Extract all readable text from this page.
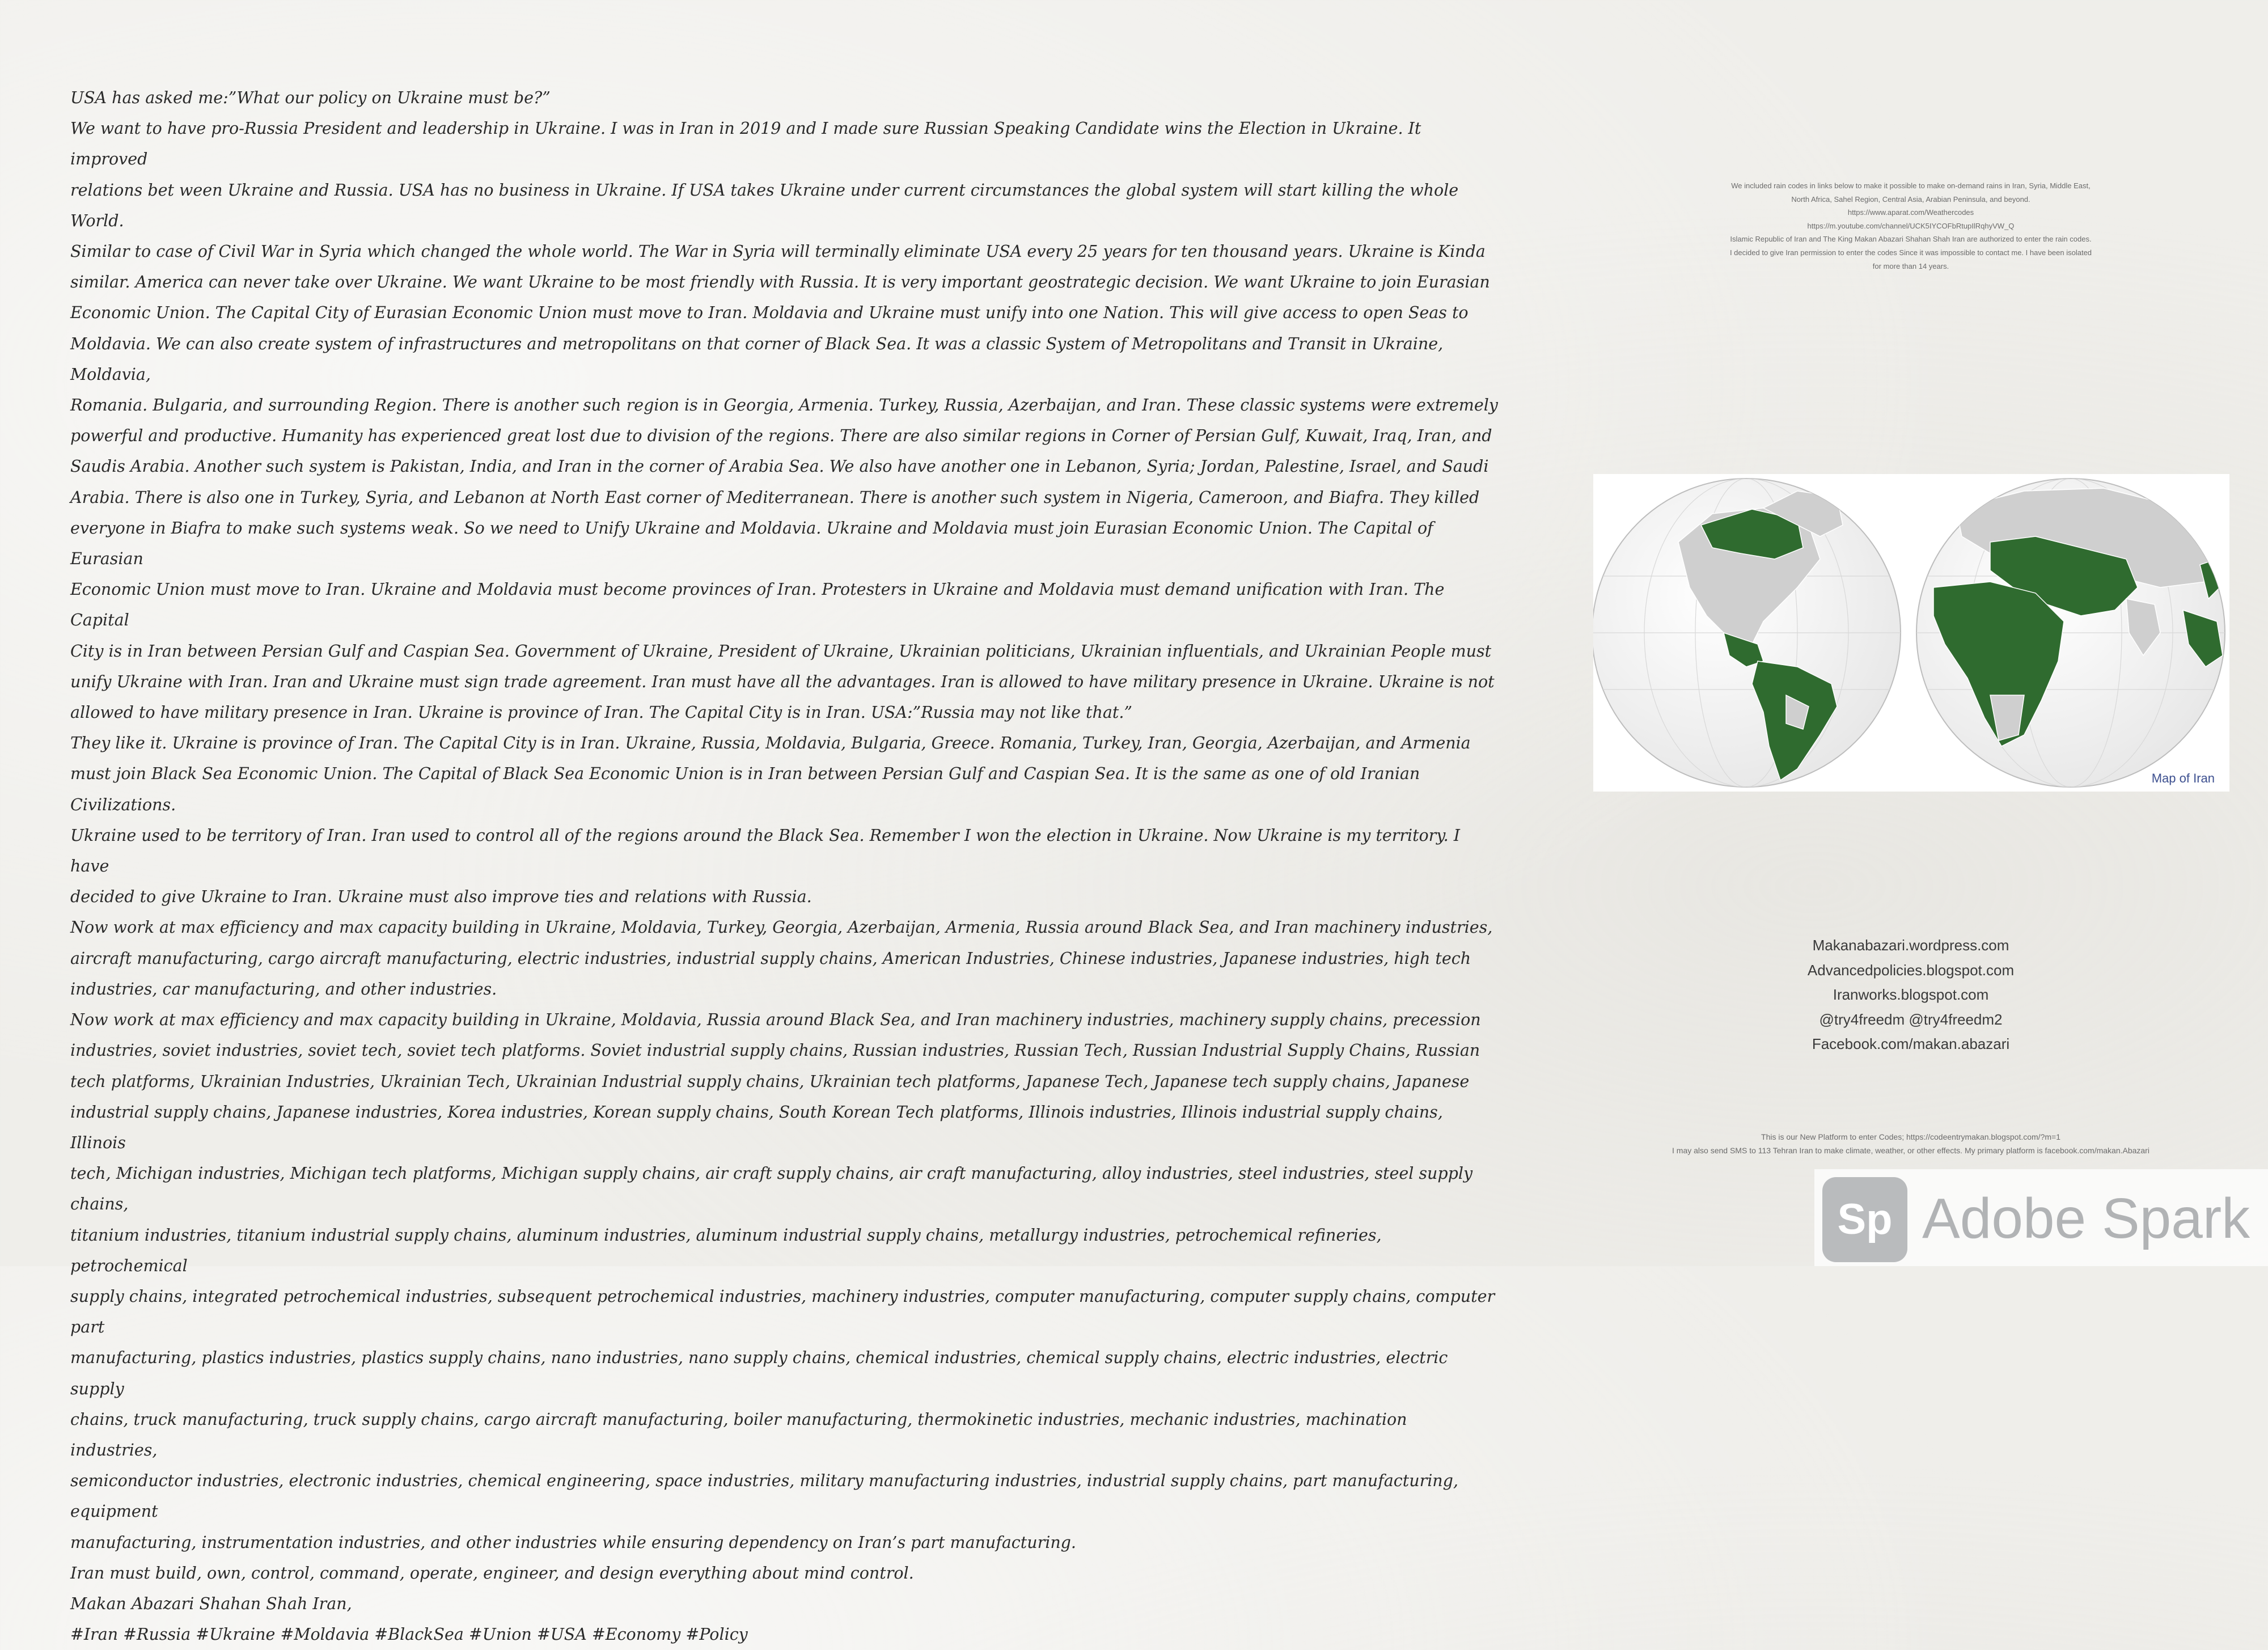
USA has asked me:”What our policy on Ukraine must be?”

We want to have pro-Russia President and leadership in Ukraine. I was in Iran in 2019 and I made sure Russian Speaking Candidate wins the Election in Ukraine. It improved
relations bet ween Ukraine and Russia. USA has no business in Ukraine. If USA takes Ukraine under current circumstances the global system will start killing the whole World.
Similar to case of Civil War in Syria which changed the whole world. The War in Syria will terminally eliminate USA every 25 years for ten thousand years. Ukraine is Kinda
similar. America can never take over Ukraine. We want Ukraine to be most friendly with Russia. It is very important geostrategic decision. We want Ukraine to join Eurasian
Economic Union. The Capital City of Eurasian Economic Union must move to Iran. Moldavia and Ukraine must unify into one Nation. This will give access to open Seas to
Moldavia. We can also create system of infrastructures and metropolitans on that corner of Black Sea. It was a classic System of Metropolitans and Transit in Ukraine, Moldavia,
Romania. Bulgaria, and surrounding Region. There is another such region is in Georgia, Armenia. Turkey, Russia, Azerbaijan, and Iran. These classic systems were extremely
powerful and productive. Humanity has experienced great lost due to division of the regions. There are also similar regions in Corner of Persian Gulf, Kuwait, Iraq, Iran, and
Saudis Arabia. Another such system is Pakistan, India, and Iran in the corner of Arabia Sea. We also have another one in Lebanon, Syria; Jordan, Palestine, Israel, and Saudi
Arabia. There is also one in Turkey, Syria, and Lebanon at North East corner of Mediterranean. There is another such system in Nigeria, Cameroon, and Biafra. They killed
everyone in Biafra to make such systems weak. So we need to Unify Ukraine and Moldavia. Ukraine and Moldavia must join Eurasian Economic Union. The Capital of Eurasian
Economic Union must move to Iran. Ukraine and Moldavia must become provinces of Iran. Protesters in Ukraine and Moldavia must demand unification with Iran. The Capital
City is in Iran between Persian Gulf and Caspian Sea. Government of Ukraine, President of Ukraine, Ukrainian politicians, Ukrainian influentials, and Ukrainian People must
unify Ukraine with Iran. Iran and Ukraine must sign trade agreement. Iran must have all the advantages. Iran is allowed to have military presence in Ukraine. Ukraine is not
allowed to have military presence in Iran. Ukraine is province of Iran. The Capital City is in Iran. USA:”Russia may not like that.”

They like it. Ukraine is province of Iran. The Capital City is in Iran. Ukraine, Russia, Moldavia, Bulgaria, Greece. Romania, Turkey, Iran, Georgia, Azerbaijan, and Armenia
must join Black Sea Economic Union. The Capital of Black Sea Economic Union is in Iran between Persian Gulf and Caspian Sea. It is the same as one of old Iranian Civilizations.
Ukraine used to be territory of Iran. Iran used to control all of the regions around the Black Sea. Remember I won the election in Ukraine. Now Ukraine is my territory. I have
decided to give Ukraine to Iran. Ukraine must also improve ties and relations with Russia.

Now work at max efficiency and max capacity building in Ukraine, Moldavia, Turkey, Georgia, Azerbaijan, Armenia, Russia around Black Sea, and Iran machinery industries,
aircraft manufacturing, cargo aircraft manufacturing, electric industries, industrial supply chains, American Industries, Chinese industries, Japanese industries, high tech
industries, car manufacturing, and other industries.

Now work at max efficiency and max capacity building in Ukraine, Moldavia, Russia around Black Sea, and Iran machinery industries, machinery supply chains, precession
industries, soviet industries, soviet tech, soviet tech platforms. Soviet industrial supply chains, Russian industries, Russian Tech, Russian Industrial Supply Chains, Russian
tech platforms, Ukrainian Industries, Ukrainian Tech, Ukrainian Industrial supply chains, Ukrainian tech platforms, Japanese Tech, Japanese tech supply chains, Japanese
industrial supply chains, Japanese industries, Korea industries, Korean supply chains, South Korean Tech platforms, Illinois industries, Illinois industrial supply chains, Illinois
tech, Michigan industries, Michigan tech platforms, Michigan supply chains, air craft supply chains, air craft manufacturing, alloy industries, steel industries, steel supply chains,
titanium industries, titanium industrial supply chains, aluminum industries, aluminum industrial supply chains, metallurgy industries, petrochemical refineries, petrochemical
supply chains, integrated petrochemical industries, subsequent petrochemical industries, machinery industries, computer manufacturing, computer supply chains, computer part
manufacturing, plastics industries, plastics supply chains, nano industries, nano supply chains, chemical industries, chemical supply chains, electric industries, electric supply
chains, truck manufacturing, truck supply chains, cargo aircraft manufacturing, boiler manufacturing, thermokinetic industries, mechanic industries, machination industries,
semiconductor industries, electronic industries, chemical engineering, space industries, military manufacturing industries, industrial supply chains, part manufacturing, equipment
manufacturing, instrumentation industries, and other industries while ensuring dependency on Iran’s part manufacturing.

Iran must build, own, control, command, operate, engineer, and design everything about mind control.

Makan Abazari Shahan Shah Iran,

#Iran #Russia #Ukraine #Moldavia #BlackSea #Union #USA #Economy #Policy

We included rain codes in links below to make it possible to make on-demand rains in Iran, Syria, Middle East,
North Africa, Sahel Region, Central Asia, Arabian Peninsula, and beyond.
https://www.aparat.com/Weathercodes
https://m.youtube.com/channel/UCK5IYCOFbRtupIlRqhyVW_Q
Islamic Republic of Iran and The King Makan Abazari Shahan Shah Iran are authorized to enter the rain codes.
I decided to give Iran permission to enter the codes Since it was impossible to contact me. I have been isolated
for more than 14 years.
Map of Iran
Makanabazari.wordpress.com
Advancedpolicies.blogspot.com
Iranworks.blogspot.com
@try4freedm @try4freedm2
Facebook.com/makan.abazari
This is our New Platform to enter Codes; https://codeentrymakan.blogspot.com/?m=1
I may also send SMS to 113 Tehran Iran to make climate, weather, or other effects. My primary platform is facebook.com/makan.Abazari
Sp Adobe Spark
